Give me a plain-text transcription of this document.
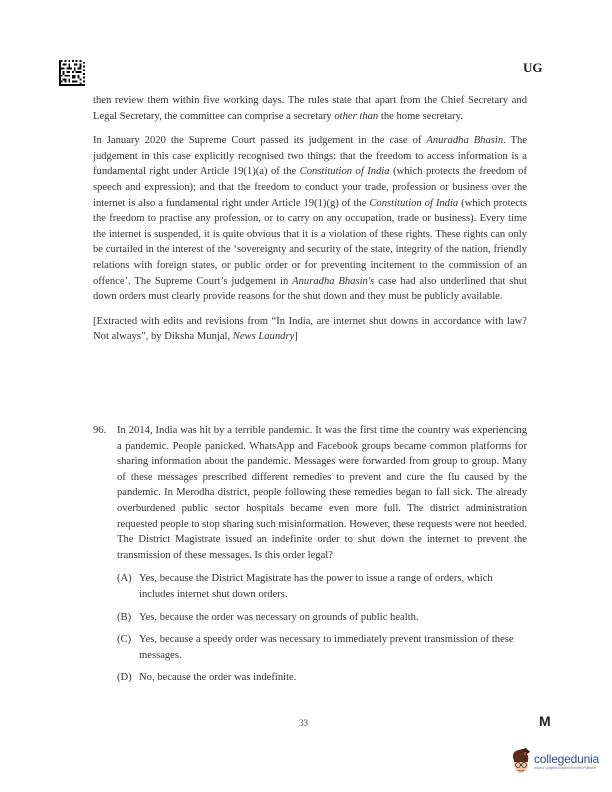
UG

then review them within five working days. The rules state that apart from the Chief Secretary and Legal Secretary, the committee can comprise a secretary other than the home secretary.

In January 2020 the Supreme Court passed its judgement in the case of Anuradha Bhasin. The judgement in this case explicitly recognised two things: that the freedom to access information is a fundamental right under Article 19(1)(a) of the Constitution of India (which protects the freedom of speech and expression); and that the freedom to conduct your trade, profession or business over the internet is also a fundamental right under Article 19(1)(g) of the Constitution of India (which protects the freedom to practise any profession, or to carry on any occupation, trade or business). Every time the internet is suspended, it is quite obvious that it is a violation of these rights. These rights can only be curtailed in the interest of the ‘sovereignty and security of the state, integrity of the nation, friendly relations with foreign states, or public order or for preventing incitement to the commission of an offence’. The Supreme Court’s judgement in Anuradha Bhasin's case had also underlined that shut down orders must clearly provide reasons for the shut down and they must be publicly available.

[Extracted with edits and revisions from “In India, are internet shut downs in accordance with law? Not always”, by Diksha Munjal, News Laundry]

96.	In 2014, India was hit by a terrible pandemic. It was the first time the country was experiencing a pandemic. People panicked. WhatsApp and Facebook groups became common platforms for sharing information about the pandemic. Messages were forwarded from group to group. Many of these messages prescribed different remedies to prevent and cure the flu caused by the pandemic. In Merodha district, people following these remedies began to fall sick. The already overburdened public sector hospitals became even more full. The district administration requested people to stop sharing such misinformation. However, these requests were not heeded. The District Magistrate issued an indefinite order to shut down the internet to prevent the transmission of these messages. Is this order legal?
(A) Yes, because the District Magistrate has the power to issue a range of orders, which includes internet shut down orders.
(B) Yes, because the order was necessary on grounds of public health.
(C) Yes, because a speedy order was necessary to immediately prevent transmission of these messages.
(D) No, because the order was indefinite.
33	M
collegedunia
India's Largest Student Review Platform
